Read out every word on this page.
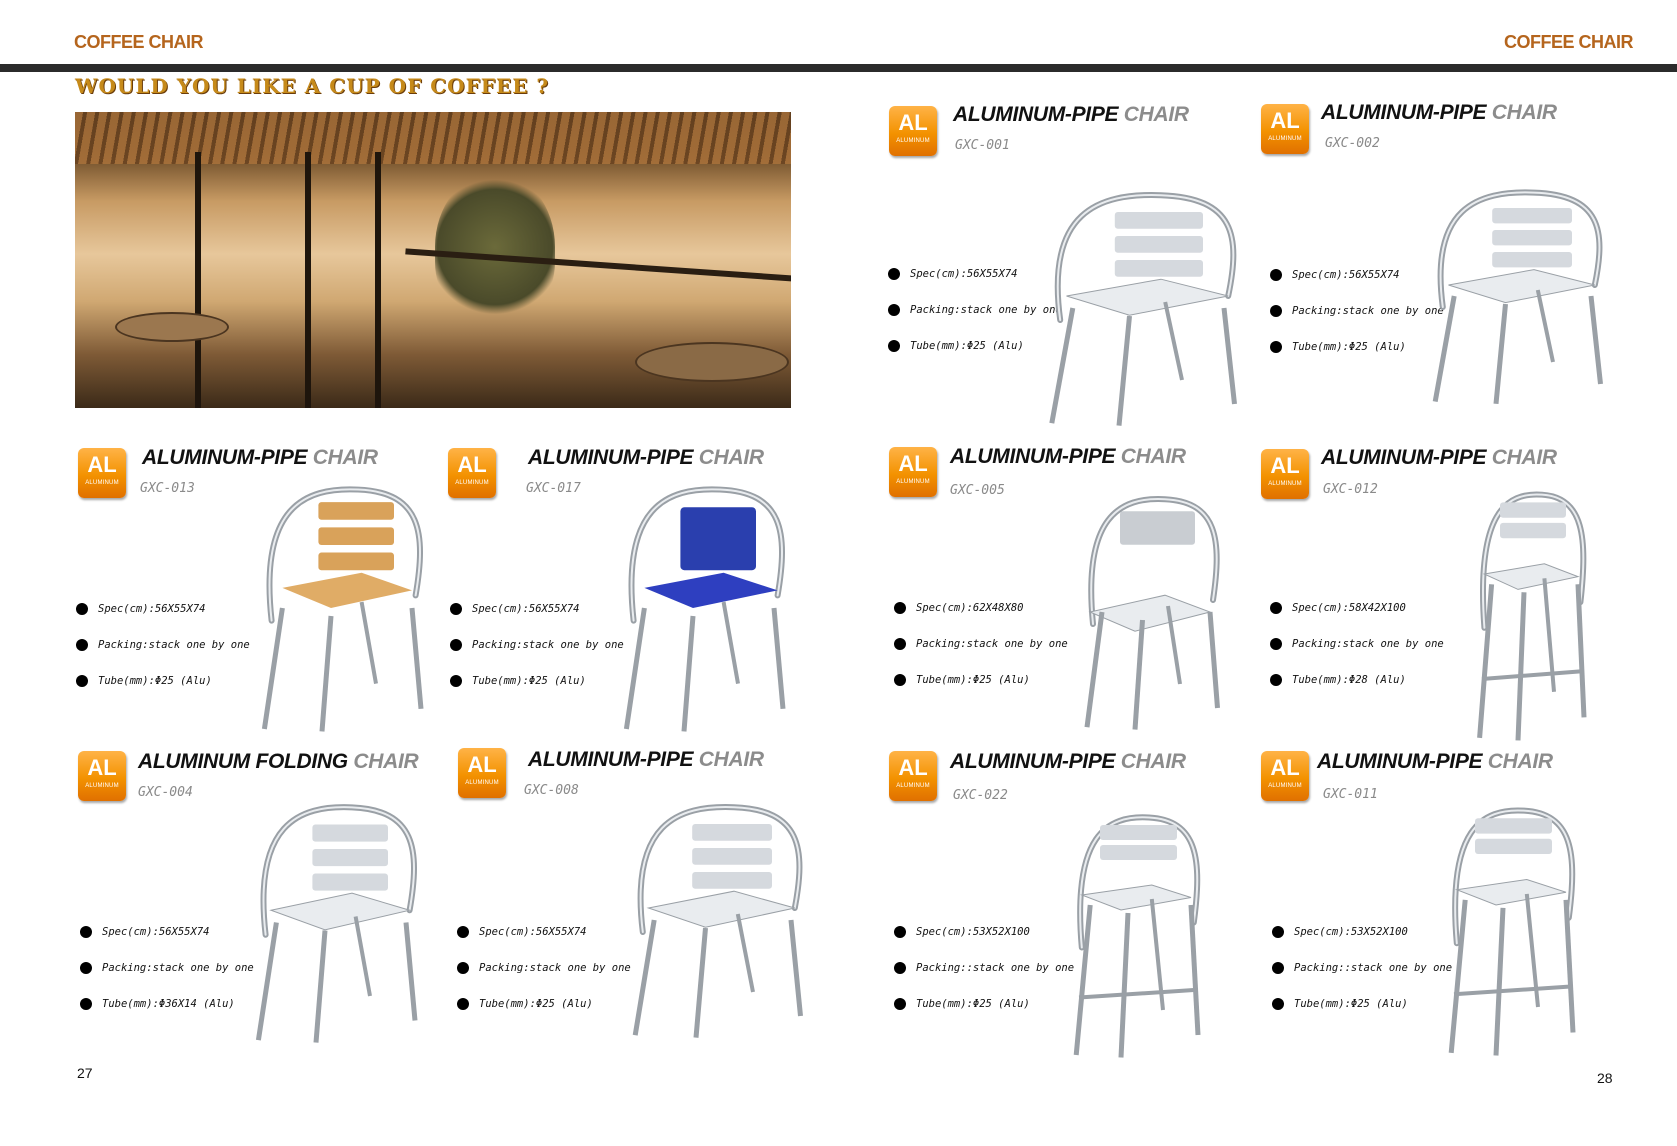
COFFEE CHAIR	COFFEE CHAIR
WOULD YOU LIKE A CUP OF COFFEE ?
AL
ALUMINUM
ALUMINUM-PIPE CHAIR
GXC-001
Spec(cm):56X55X74
Packing:stack one by one
Tube(mm):Φ25 (Alu)
AL
ALUMINUM
ALUMINUM-PIPE CHAIR
GXC-002
Spec(cm):56X55X74
Packing:stack one by one
Tube(mm):Φ25 (Alu)
AL
ALUMINUM
ALUMINUM-PIPE CHAIR
GXC-013
Spec(cm):56X55X74
Packing:stack one by one
Tube(mm):Φ25 (Alu)
AL
ALUMINUM
ALUMINUM-PIPE CHAIR
GXC-017
Spec(cm):56X55X74
Packing:stack one by one
Tube(mm):Φ25 (Alu)
AL
ALUMINUM
ALUMINUM-PIPE CHAIR
GXC-005
Spec(cm):62X48X80
Packing:stack one by one
Tube(mm):Φ25 (Alu)
AL
ALUMINUM
ALUMINUM-PIPE CHAIR
GXC-012
Spec(cm):58X42X100
Packing:stack one by one
Tube(mm):Φ28 (Alu)
AL
ALUMINUM
ALUMINUM FOLDING CHAIR
GXC-004
Spec(cm):56X55X74
Packing:stack one by one
Tube(mm):Φ36X14 (Alu)
AL
ALUMINUM
ALUMINUM-PIPE CHAIR
GXC-008
Spec(cm):56X55X74
Packing:stack one by one
Tube(mm):Φ25 (Alu)
AL
ALUMINUM
ALUMINUM-PIPE CHAIR
GXC-022
Spec(cm):53X52X100
Packing::stack one by one
Tube(mm):Φ25 (Alu)
AL
ALUMINUM
ALUMINUM-PIPE CHAIR
GXC-011
Spec(cm):53X52X100
Packing::stack one by one
Tube(mm):Φ25 (Alu)
27	28
